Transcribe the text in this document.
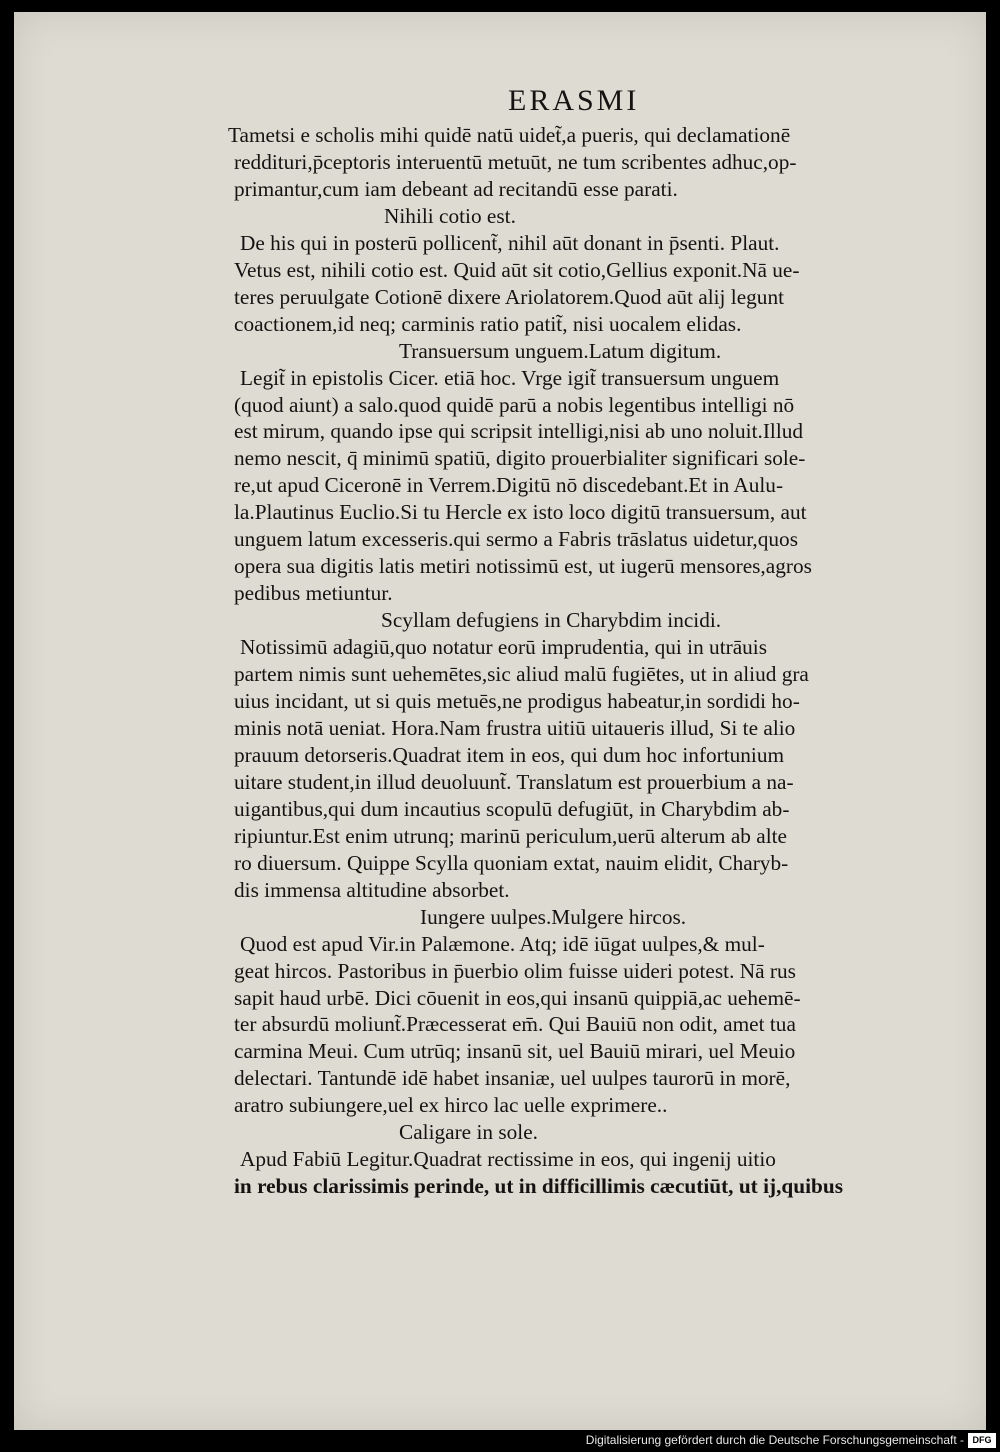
ERASMI
Tametsi e scholis mihi quidē natū uidet̃,a pueris, qui declamationē
reddituri,p̄ceptoris interuentū metuūt, ne tum scribentes adhuc,op-
primantur,cum iam debeant ad recitandū esse parati.
Nihili cotio est.
De his qui in posterū pollicent̃, nihil aūt donant in p̄senti. Plaut.
Vetus est, nihili cotio est. Quid aūt sit cotio,Gellius exponit.Nā ue-
teres peruulgate Cotionē dixere Ariolatorem.Quod aūt alij legunt
coactionem,id neq; carminis ratio patit̃, nisi uocalem elidas.
Transuersum unguem.Latum digitum.
Legit̃ in epistolis Cicer. etiā hoc. Vrge igit̃ transuersum unguem
(quod aiunt) a salo.quod quidē parū a nobis legentibus intelligi nō
est mirum, quando ipse qui scripsit intelligi,nisi ab uno noluit.Illud
nemo nescit, q̄ minimū spatiū, digito prouerbialiter significari sole-
re,ut apud Ciceronē in Verrem.Digitū nō discedebant.Et in Aulu-
la.Plautinus Euclio.Si tu Hercle ex isto loco digitū transuersum, aut
unguem latum excesseris.qui sermo a Fabris trāslatus uidetur,quos
opera sua digitis latis metiri notissimū est, ut iugerū mensores,agros
pedibus metiuntur.
Scyllam defugiens in Charybdim incidi.
Notissimū adagiū,quo notatur eorū imprudentia, qui in utrāuis
partem nimis sunt uehemētes,sic aliud malū fugiētes, ut in aliud gra
uius incidant, ut si quis metuēs,ne prodigus habeatur,in sordidi ho-
minis notā ueniat. Hora.Nam frustra uitiū uitaueris illud, Si te alio
prauum detorseris.Quadrat item in eos, qui dum hoc infortunium
uitare student,in illud deuoluunt̃. Translatum est prouerbium a na-
uigantibus,qui dum incautius scopulū defugiūt, in Charybdim ab-
ripiuntur.Est enim utrunq; marinū periculum,uerū alterum ab alte
ro diuersum. Quippe Scylla quoniam extat, nauim elidit, Charyb-
dis immensa altitudine absorbet.
Iungere uulpes.Mulgere hircos.
Quod est apud Vir.in Palæmone. Atq; idē iūgat uulpes,& mul-
geat hircos. Pastoribus in p̄uerbio olim fuisse uideri potest. Nā rus
sapit haud urbē. Dici cōuenit in eos,qui insanū quippiā,ac uehemē-
ter absurdū moliunt̃.Præcesserat em̄. Qui Bauiū non odit, amet tua
carmina Meui. Cum utrūq; insanū sit, uel Bauiū mirari, uel Meuio
delectari. Tantundē idē habet insaniæ, uel uulpes taurorū in morē,
aratro subiungere,uel ex hirco lac uelle exprimere..
Caligare in sole.
Apud Fabiū Legitur.Quadrat rectissime in eos, qui ingenij uitio
in rebus clarissimis perinde, ut in difficillimis cæcutiūt, ut ij,quibus
Digitalisierung gefördert durch die Deutsche Forschungsgemeinschaft - DFG
